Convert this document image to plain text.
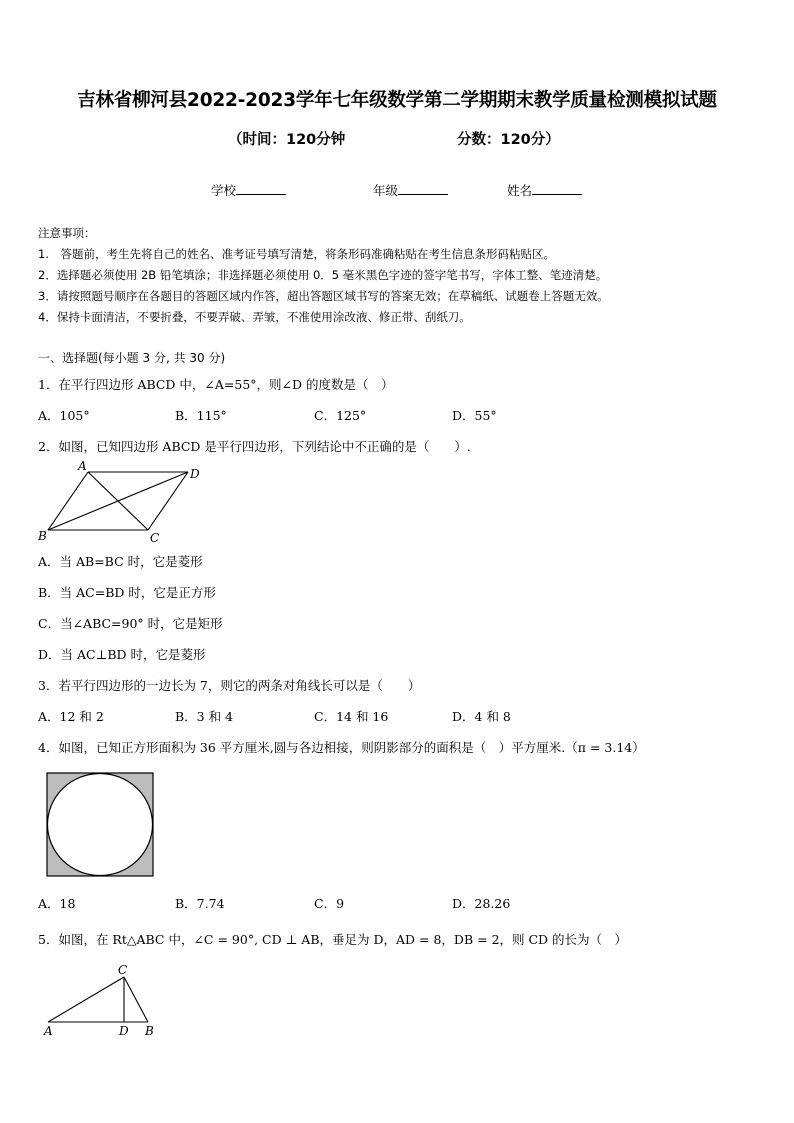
吉林省柳河县2022-2023学年七年级数学第二学期期末教学质量检测模拟试题
（时间：120分钟	分数：120分）
学校	年级	姓名
注意事项：
1.　答题前，考生先将自己的姓名、准考证号填写清楚，将条形码准确粘贴在考生信息条形码粘贴区。
2．选择题必须使用 2B 铅笔填涂；非选择题必须使用 0．5 毫米黑色字迹的签字笔书写，字体工整、笔迹清楚。
3．请按照题号顺序在各题目的答题区域内作答，超出答题区域书写的答案无效；在草稿纸、试题卷上答题无效。
4．保持卡面清洁，不要折叠，不要弄破、弄皱，不准使用涂改液、修正带、刮纸刀。
一、选择题(每小题 3 分, 共 30 分)
1．在平行四边形 ABCD 中，∠A=55°，则∠D 的度数是（　）
A．105°	B．115°	C．125°	D．55°
2．如图，已知四边形 ABCD 是平行四边形，下列结论中不正确的是（　　）.
A
D
B	C
A．当 AB=BC 时，它是菱形
B．当 AC=BD 时，它是正方形
C．当∠ABC=90° 时，它是矩形
D．当 AC⊥BD 时，它是菱形
3．若平行四边形的一边长为 7，则它的两条对角线长可以是（　　）
A．12 和 2	B．3 和 4	C．14 和 16	D．4 和 8
4．如图，已知正方形面积为 36 平方厘米,圆与各边相接，则阴影部分的面积是（　）平方厘米.（π = 3.14）
A．18	B．7.74	C．9	D．28.26
5．如图，在 Rt△ABC 中，∠C = 90°, CD ⊥ AB，垂足为 D，AD = 8，DB = 2，则 CD 的长为（　）
C
A	D B
